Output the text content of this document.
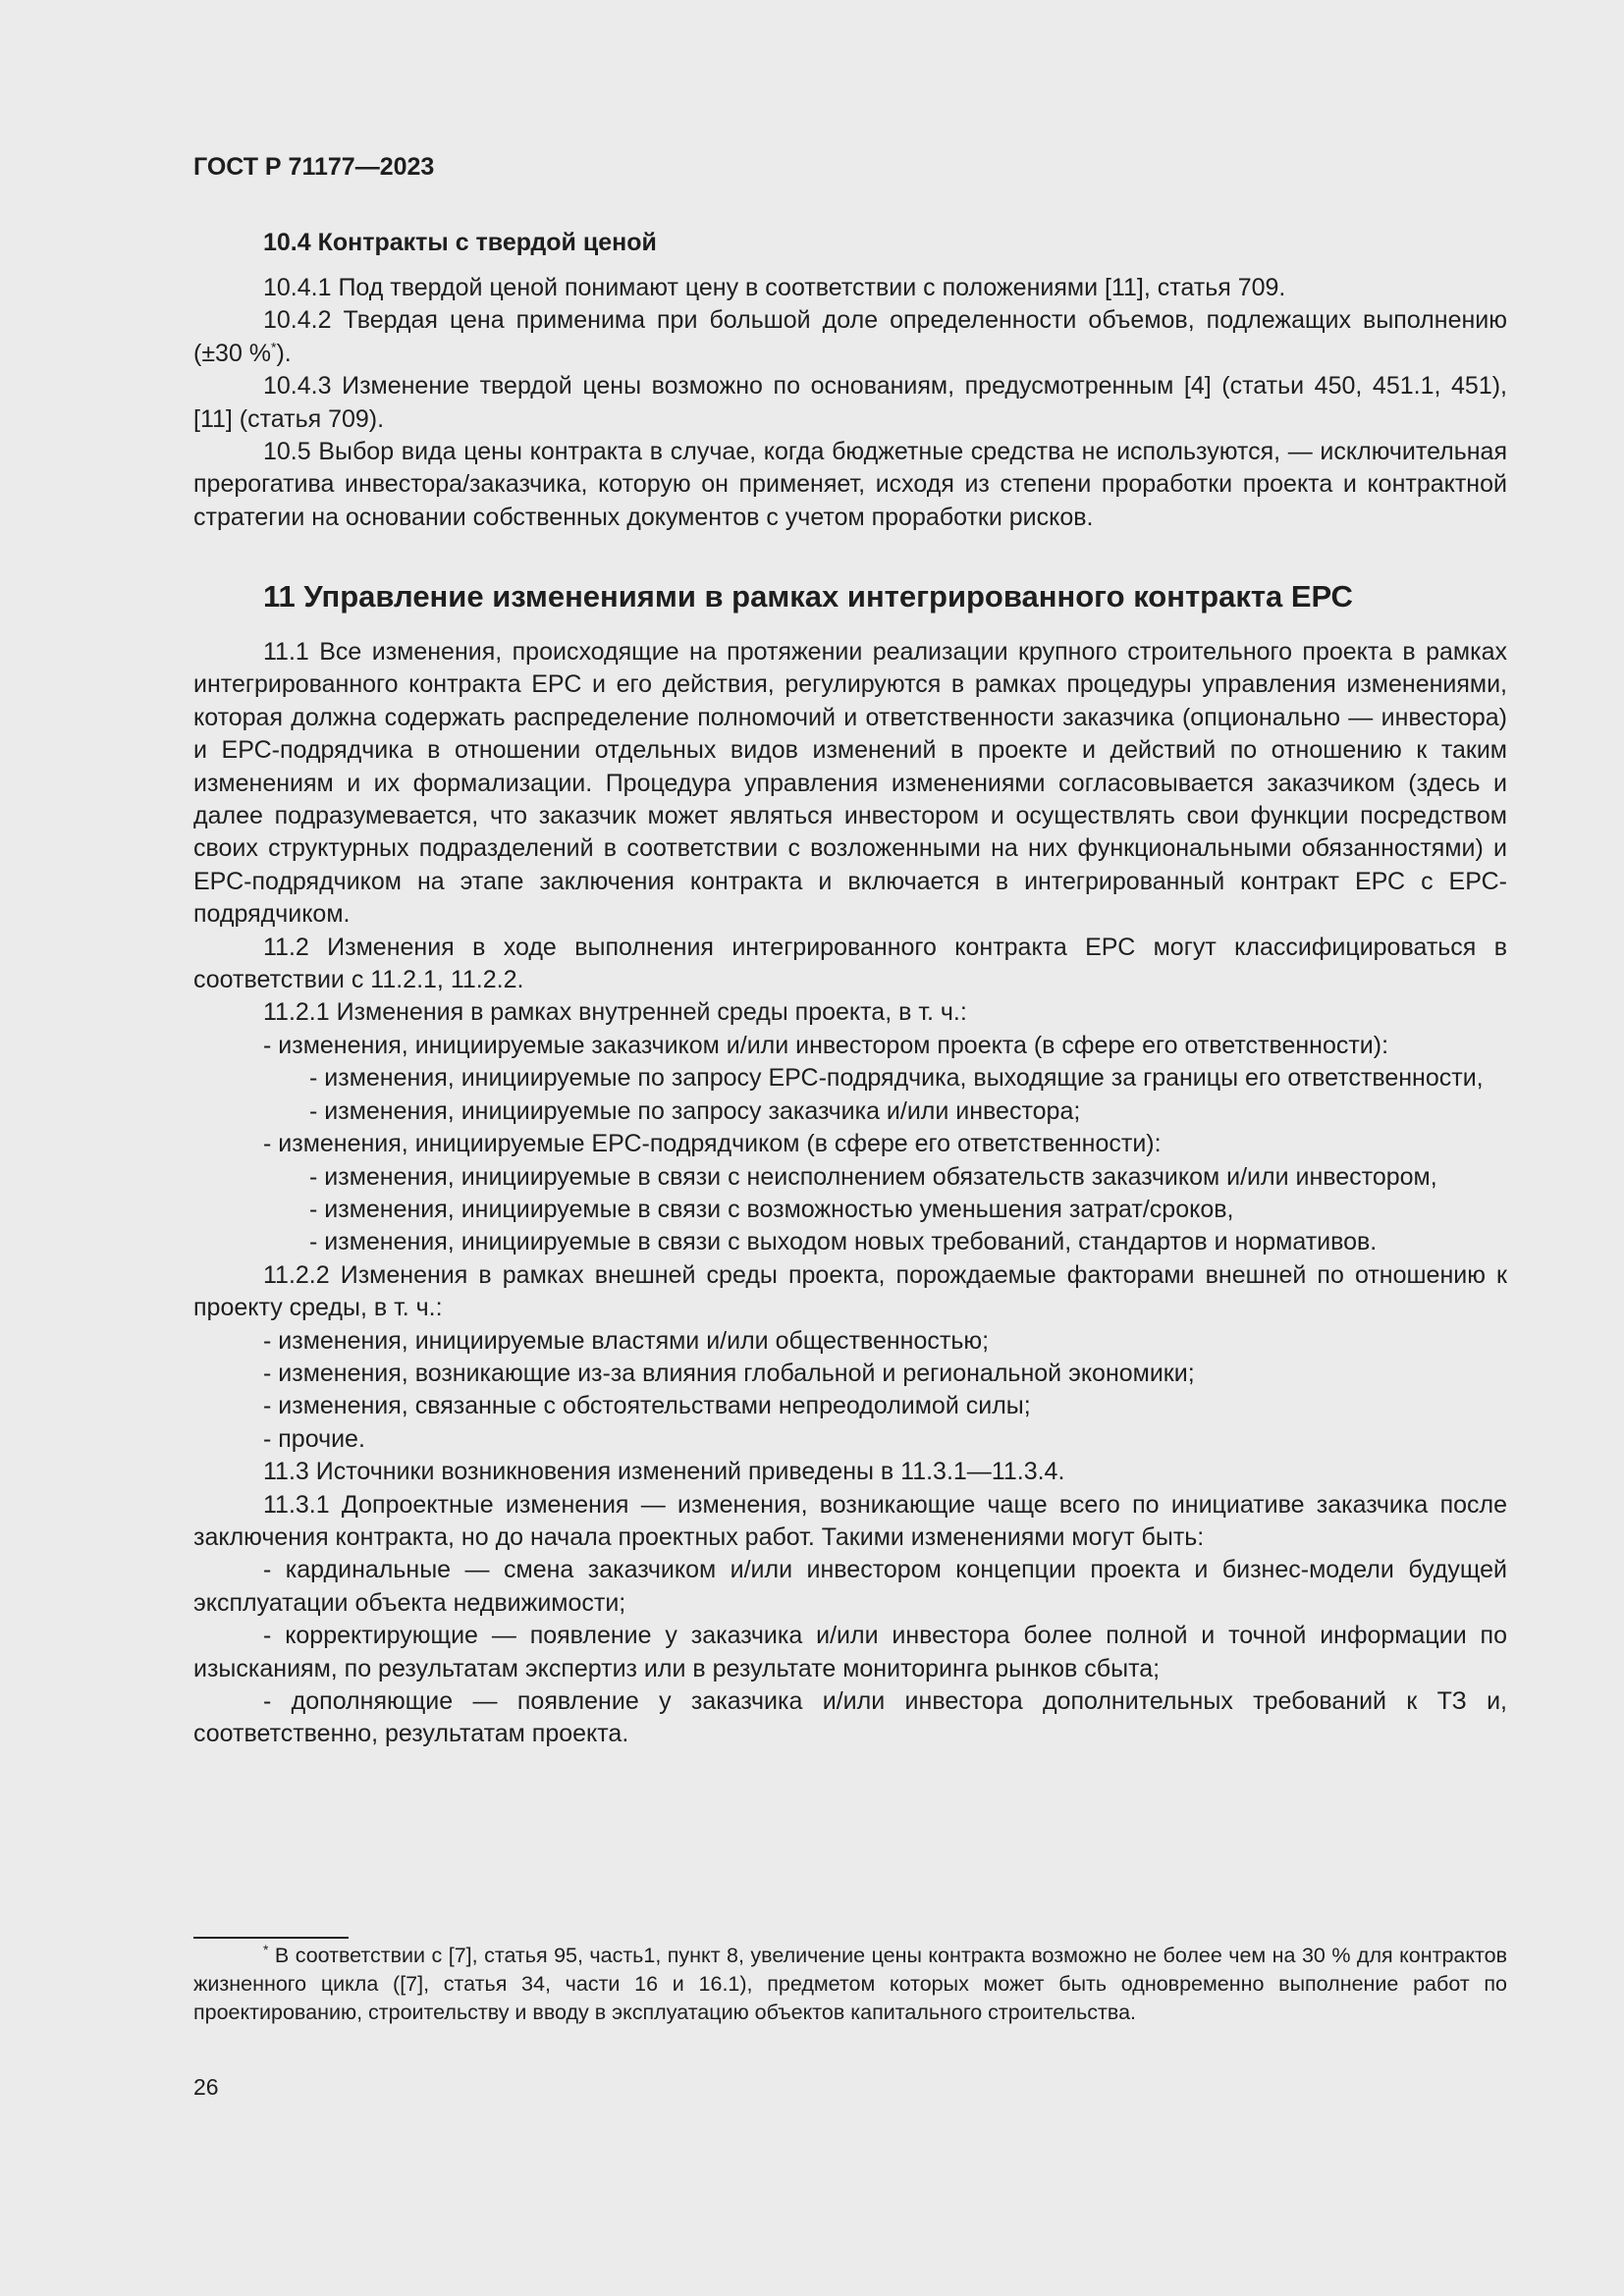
ГОСТ Р 71177—2023
10.4 Контракты с твердой ценой

10.4.1 Под твердой ценой понимают цену в соответствии с положениями [11], статья 709.

10.4.2 Твердая цена применима при большой доле определенности объемов, подлежащих выполнению (±30 %*).

10.4.3 Изменение твердой цены возможно по основаниям, предусмотренным [4] (статьи 450, 451.1, 451), [11] (статья 709).

10.5 Выбор вида цены контракта в случае, когда бюджетные средства не используются, — исключительная прерогатива инвестора/заказчика, которую он применяет, исходя из степени проработки проекта и контрактной стратегии на основании собственных документов с учетом проработки рисков.

11 Управление изменениями в рамках интегрированного контракта ЕРС

11.1 Все изменения, происходящие на протяжении реализации крупного строительного проекта в рамках интегрированного контракта ЕРС и его действия, регулируются в рамках процедуры управления изменениями, которая должна содержать распределение полномочий и ответственности заказчика (опционально — инвестора) и ЕРС-подрядчика в отношении отдельных видов изменений в проекте и действий по отношению к таким изменениям и их формализации. Процедура управления изменениями согласовывается заказчиком (здесь и далее подразумевается, что заказчик может являться инвестором и осуществлять свои функции посредством своих структурных подразделений в соответствии с возложенными на них функциональными обязанностями) и ЕРС-подрядчиком на этапе заключения контракта и включается в интегрированный контракт ЕРС с ЕРС-подрядчиком.

11.2 Изменения в ходе выполнения интегрированного контракта ЕРС могут классифицироваться в соответствии с 11.2.1, 11.2.2.

11.2.1 Изменения в рамках внутренней среды проекта, в т. ч.:

- изменения, инициируемые заказчиком и/или инвестором проекта (в сфере его ответственности):

- изменения, инициируемые по запросу ЕРС-подрядчика, выходящие за границы его ответственности,

- изменения, инициируемые по запросу заказчика и/или инвестора;

- изменения, инициируемые ЕРС-подрядчиком (в сфере его ответственности):

- изменения, инициируемые в связи с неисполнением обязательств заказчиком и/или инвестором,

- изменения, инициируемые в связи с возможностью уменьшения затрат/сроков,

- изменения, инициируемые в связи с выходом новых требований, стандартов и нормативов.

11.2.2 Изменения в рамках внешней среды проекта, порождаемые факторами внешней по отношению к проекту среды, в т. ч.:

- изменения, инициируемые властями и/или общественностью;

- изменения, возникающие из-за влияния глобальной и региональной экономики;

- изменения, связанные с обстоятельствами непреодолимой силы;

- прочие.

11.3 Источники возникновения изменений приведены в 11.3.1—11.3.4.

11.3.1 Допроектные изменения — изменения, возникающие чаще всего по инициативе заказчика после заключения контракта, но до начала проектных работ. Такими изменениями могут быть:

- кардинальные — смена заказчиком и/или инвестором концепции проекта и бизнес-модели будущей эксплуатации объекта недвижимости;

- корректирующие — появление у заказчика и/или инвестора более полной и точной информации по изысканиям, по результатам экспертиз или в результате мониторинга рынков сбыта;

- дополняющие — появление у заказчика и/или инвестора дополнительных требований к ТЗ и, соответственно, результатам проекта.

* В соответствии с [7], статья 95, часть1, пункт 8, увеличение цены контракта возможно не более чем на 30 % для контрактов жизненного цикла ([7], статья 34, части 16 и 16.1), предметом которых может быть одновременно выполнение работ по проектированию, строительству и вводу в эксплуатацию объектов капитального строительства.

26
